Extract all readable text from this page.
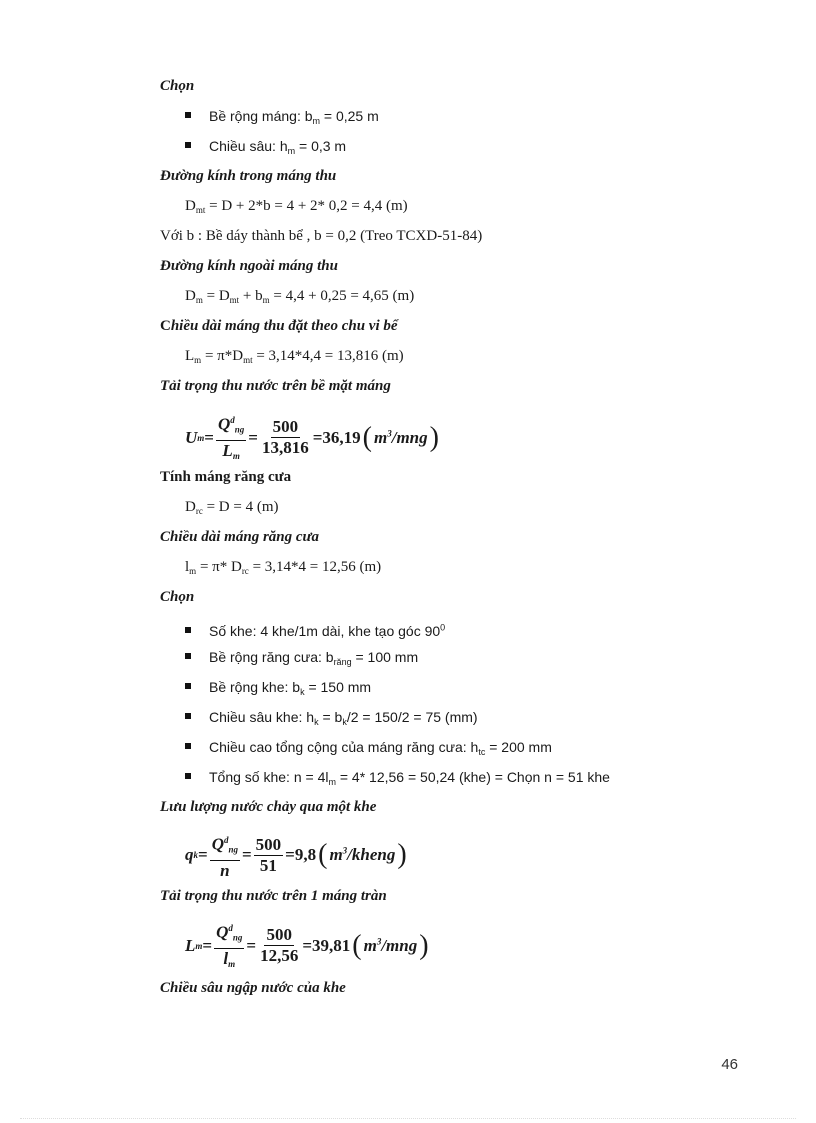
Chọn
Bề rộng máng: $b_m = 0,25$ m
Chiều sâu: $h_m = 0,3$ m
Đường kính trong máng thu
$D_{mt} = D + 2*b = 4 + 2*$ 0,2 = 4,4 (m)
Với b : Bề dáy thành bể , b = 0,2 (Treo TCXD-51-84)
Đường kính ngoài máng thu
$D_m = D_{mt} + b_m = 4,4 + 0,25 = 4,65$ (m)
Chiều dài máng thu đặt theo chu vi bể
$L_m = \pi*D_{mt} = 3,14*4,4 = 13,816$ (m)
Tải trọng thu nước trên bề mặt máng
U $m = \frac{Q^d_{ng}}{L_m} = \frac{500}{13,816} =36,19$ ( $m^3$/mng )
Tính máng răng cưa
$D_{rc} = D = 4$ (m)
Chiều dài máng răng cưa
$l_m = \pi*$ $D_{rc} = 3,14*4 = 12,56$ (m)
Chọn
Số khe: 4 khe/1m dài, khe tạo góc $90^0$
Bề rộng răng cưa: $b_{răng} = 100$ mm
Bề rộng khe: $b_k = 150$ mm
Chiều sâu khe: $h_k = b_k/2 = 150/2 = 75$ (mm)
Chiều cao tổng cộng của máng răng cưa: $h_{tc} = 200$ mm
Tổng số khe: $n = 4l_m = 4*$ 12,56 = 50,24 (khe) = Chọn n = 51 khe
Lưu lượng nước chảy qua một khe
q $k = \frac{Q^d_{ng}}{n} = \frac{500}{51} =9,8$ ( $m^3$/kheng )
Tải trọng thu nước trên 1 máng tràn
L $m = \frac{Q^d_{ng}}{l_m} = \frac{500}{12,56} =39,81$ ( $m^3$/mng )
Chiều sâu ngập nước của khe
46
